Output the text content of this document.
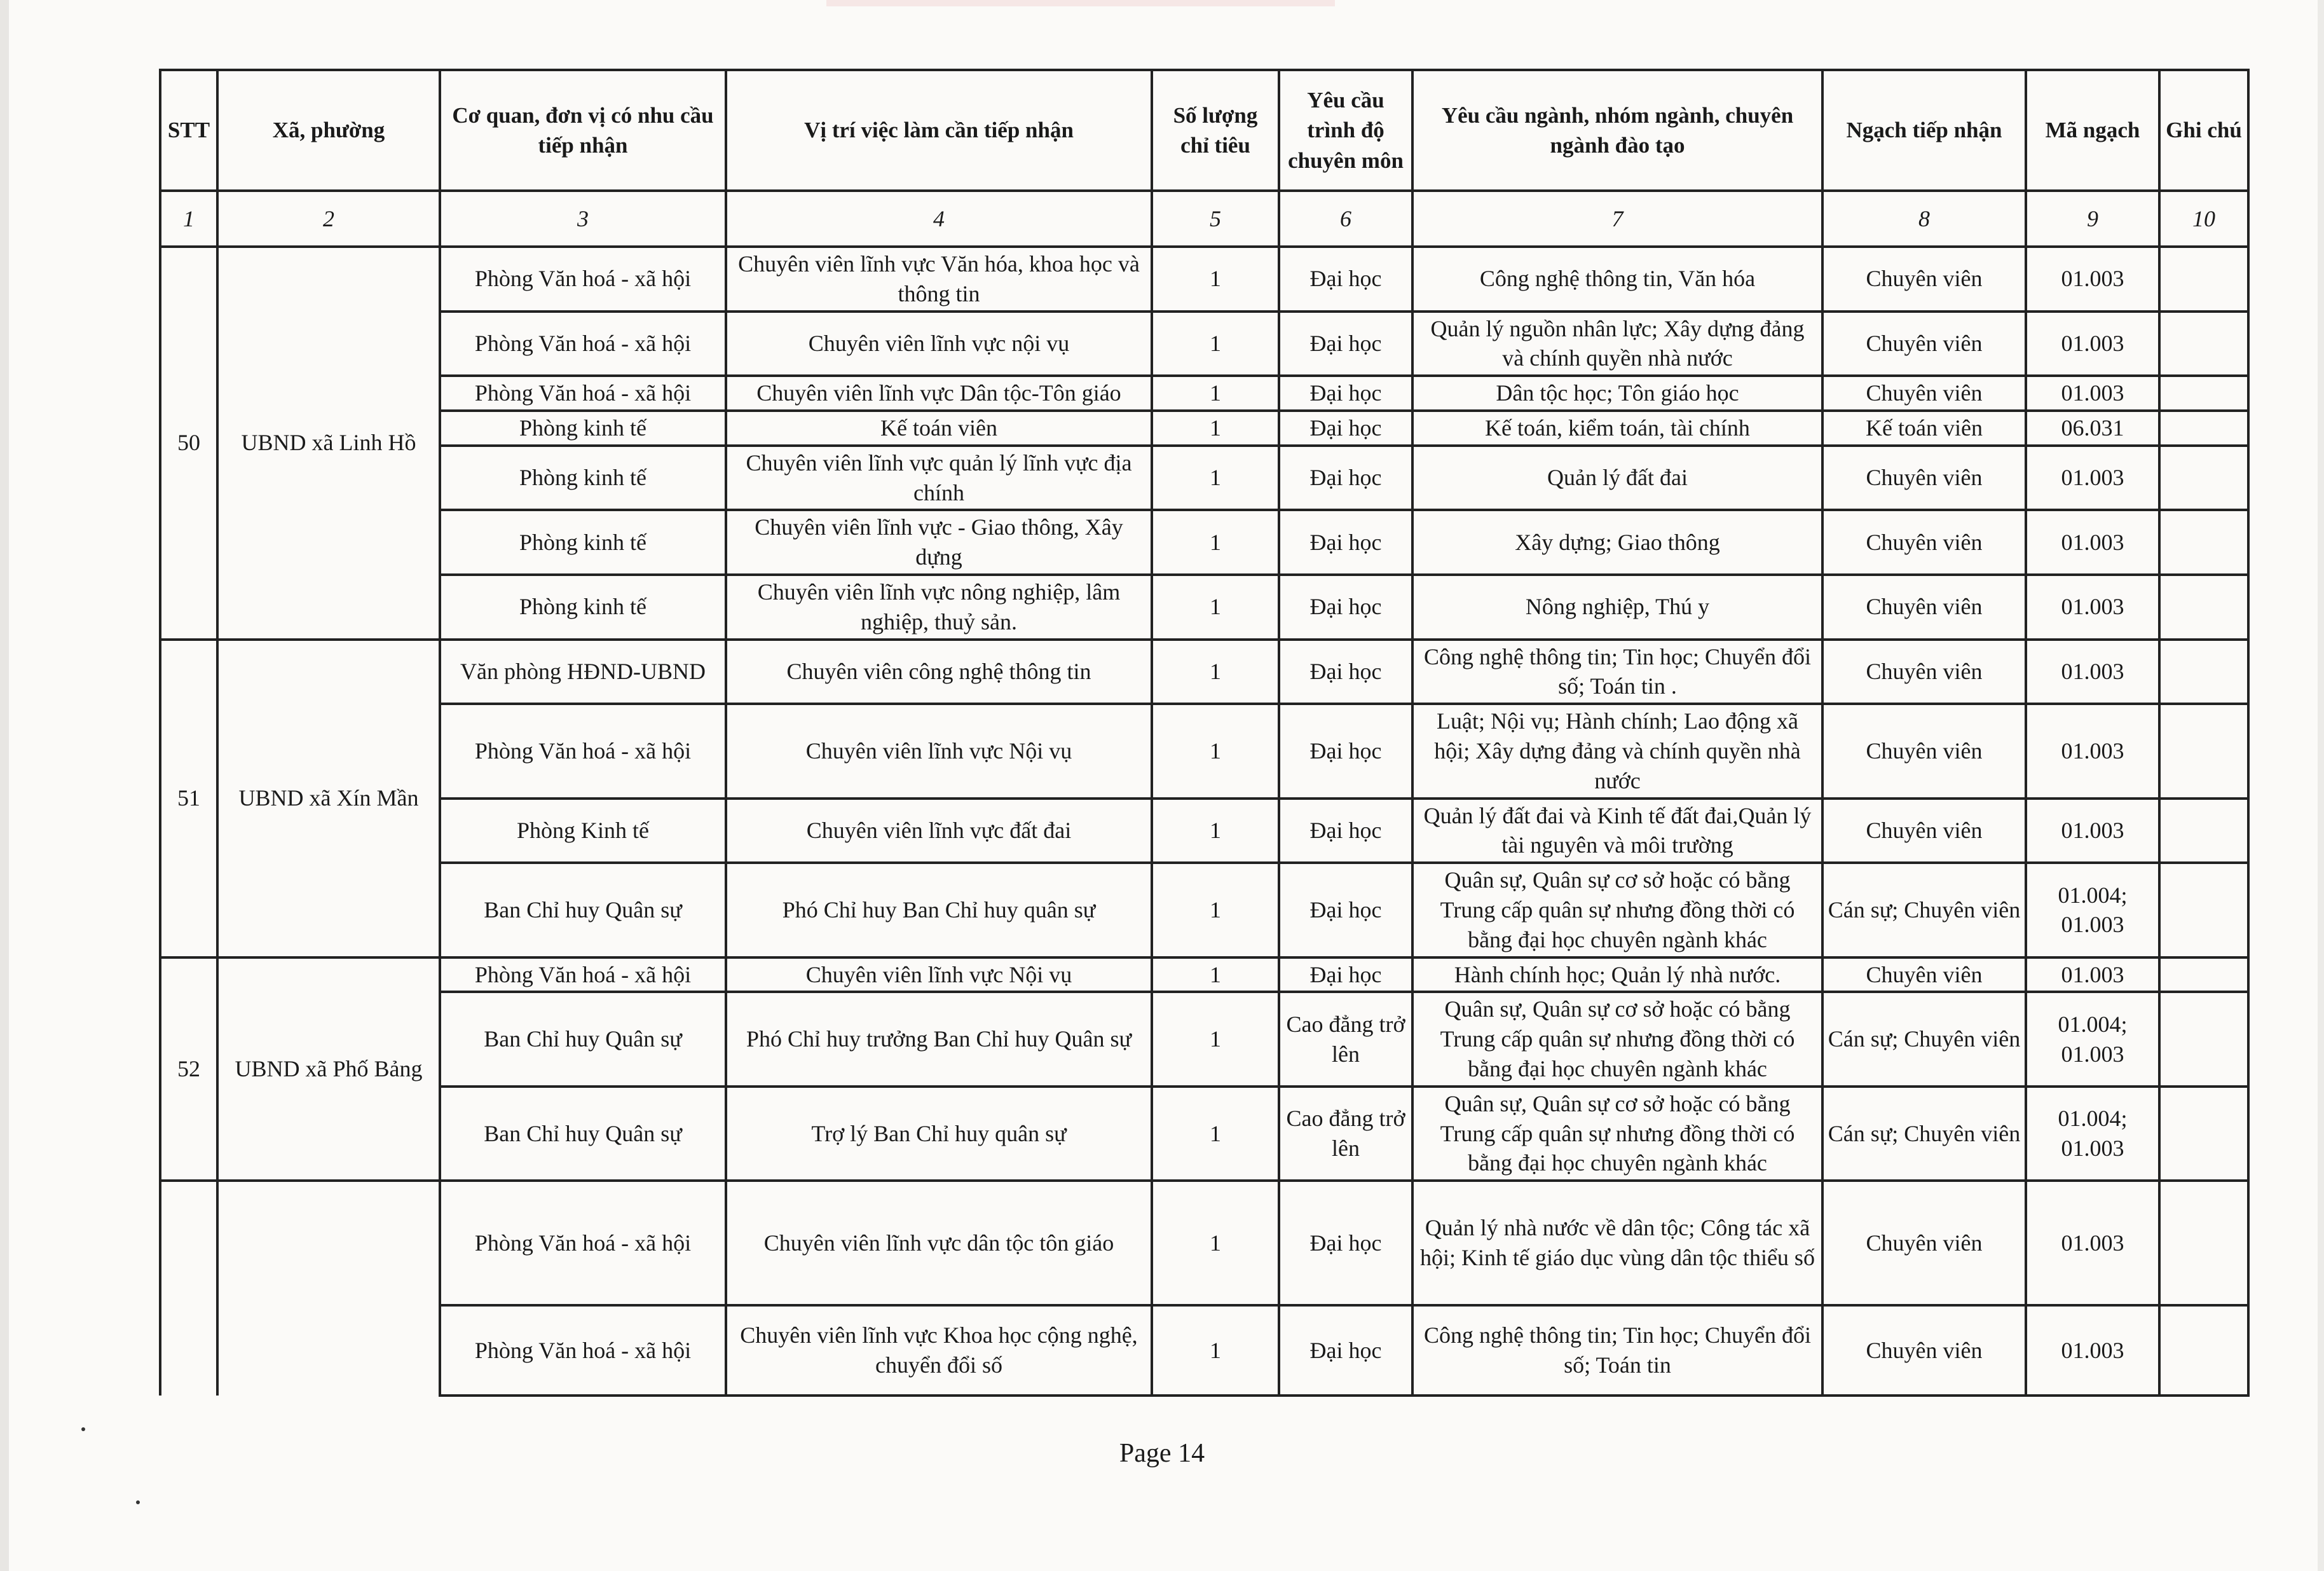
STT	Xã, phường	Cơ quan, đơn vị có nhu cầu tiếp nhận	Vị trí việc làm cần tiếp nhận	Số lượng chỉ tiêu	Yêu cầu trình độ chuyên môn	Yêu cầu ngành, nhóm ngành, chuyên ngành đào tạo	Ngạch tiếp nhận	Mã ngạch	Ghi chú
1	2	3	4	5	6	7	8	9	10
50	UBND xã Linh Hồ	Phòng Văn hoá - xã hội	Chuyên viên lĩnh vực Văn hóa, khoa học và thông tin	1	Đại học	Công nghệ thông tin, Văn hóa	Chuyên viên	01.003	
		Phòng Văn hoá - xã hội	Chuyên viên lĩnh vực nội vụ	1	Đại học	Quản lý nguồn nhân lực; Xây dựng đảng và chính quyền nhà nước	Chuyên viên	01.003	
		Phòng Văn hoá - xã hội	Chuyên viên lĩnh vực Dân tộc-Tôn giáo	1	Đại học	Dân tộc học; Tôn giáo học	Chuyên viên	01.003	
		Phòng kinh tế	Kế toán viên	1	Đại học	Kế toán, kiểm toán, tài chính	Kế toán viên	06.031	
		Phòng kinh tế	Chuyên viên lĩnh vực quản lý lĩnh vực địa chính	1	Đại học	Quản lý đất đai	Chuyên viên	01.003	
		Phòng kinh tế	Chuyên viên lĩnh vực - Giao thông, Xây dựng	1	Đại học	Xây dựng; Giao thông	Chuyên viên	01.003	
		Phòng kinh tế	Chuyên viên lĩnh vực nông nghiệp, lâm nghiệp, thuỷ sản.	1	Đại học	Nông nghiệp, Thú y	Chuyên viên	01.003	
51	UBND xã Xín Mần	Văn phòng HĐND-UBND	Chuyên viên công nghệ thông tin	1	Đại học	Công nghệ thông tin; Tin học; Chuyển đổi số; Toán tin .	Chuyên viên	01.003	
		Phòng Văn hoá - xã hội	Chuyên viên lĩnh vực Nội vụ	1	Đại học	Luật; Nội vụ; Hành chính; Lao động xã hội; Xây dựng đảng và chính quyền nhà nước	Chuyên viên	01.003	
		Phòng Kinh tế	Chuyên viên lĩnh vực đất đai	1	Đại học	Quản lý đất đai và Kinh tế đất đai,Quản lý tài nguyên và môi trường	Chuyên viên	01.003	
		Ban Chỉ huy Quân sự	Phó Chỉ huy Ban Chỉ huy quân sự	1	Đại học	Quân sự, Quân sự cơ sở hoặc có bằng Trung cấp quân sự nhưng đồng thời có bằng đại học chuyên ngành khác	Cán sự; Chuyên viên	01.004; 01.003	
52	UBND xã Phố Bảng	Phòng Văn hoá - xã hội	Chuyên viên lĩnh vực Nội vụ	1	Đại học	Hành chính học; Quản lý nhà nước.	Chuyên viên	01.003	
		Ban Chỉ huy Quân sự	Phó Chỉ huy trưởng Ban Chỉ huy Quân sự	1	Cao đẳng trở lên	Quân sự, Quân sự cơ sở hoặc có bằng Trung cấp quân sự nhưng đồng thời có bằng đại học chuyên ngành khác	Cán sự; Chuyên viên	01.004; 01.003	
		Ban Chỉ huy Quân sự	Trợ lý Ban Chỉ huy quân sự	1	Cao đẳng trở lên	Quân sự, Quân sự cơ sở hoặc có bằng Trung cấp quân sự nhưng đồng thời có bằng đại học chuyên ngành khác	Cán sự; Chuyên viên	01.004; 01.003	
		Phòng Văn hoá - xã hội	Chuyên viên lĩnh vực dân tộc tôn giáo	1	Đại học	Quản lý nhà nước về dân tộc; Công tác xã hội; Kinh tế giáo dục vùng dân tộc thiểu số	Chuyên viên	01.003	
		Phòng Văn hoá - xã hội	Chuyên viên lĩnh vực Khoa học cộng nghệ, chuyển đổi số	1	Đại học	Công nghệ thông tin; Tin học; Chuyển đổi số; Toán tin	Chuyên viên	01.003	
Page 14
